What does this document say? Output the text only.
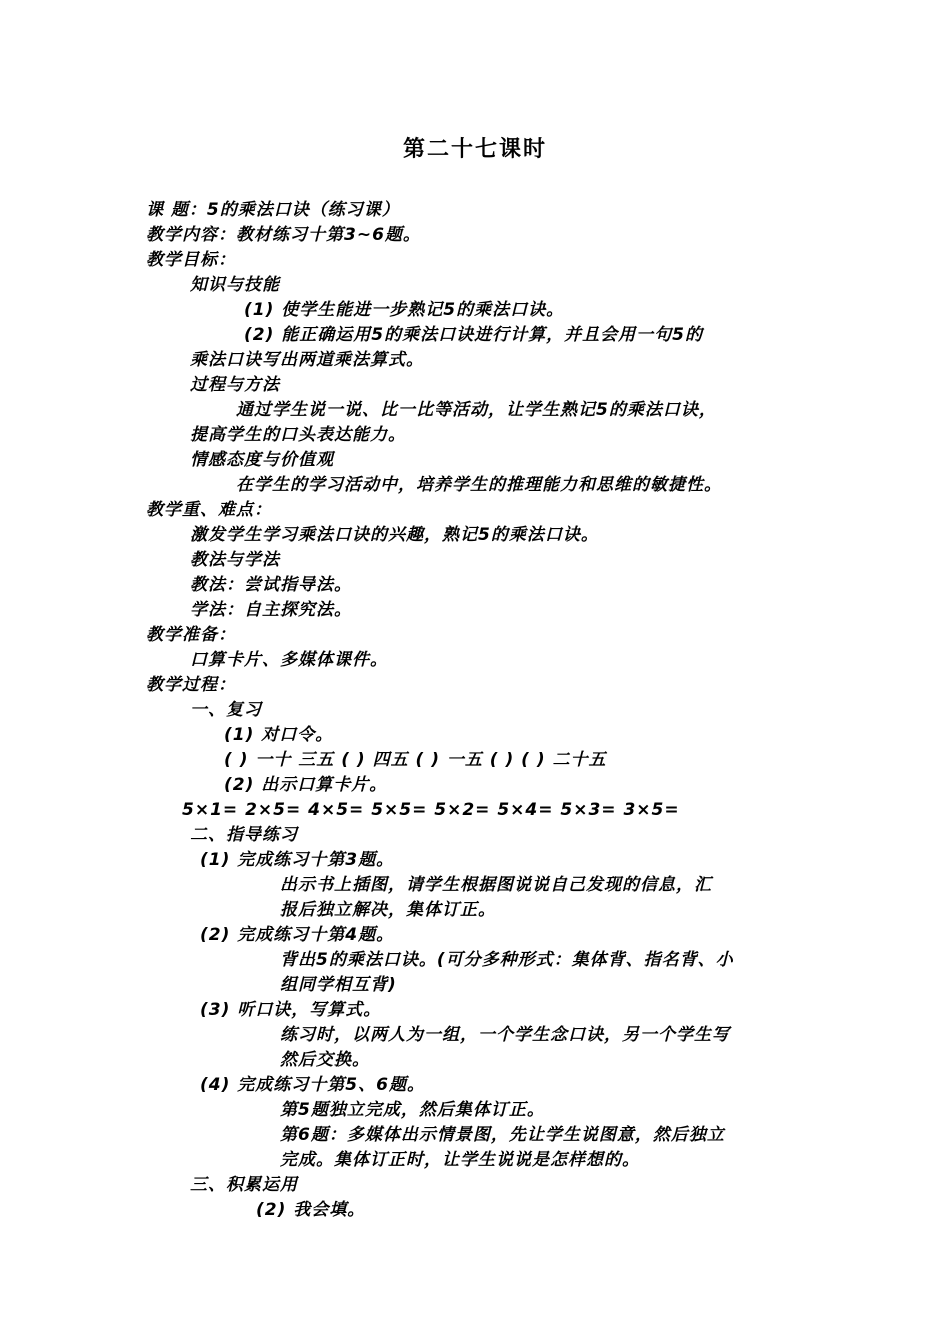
第二十七课时
课 题：5的乘法口诀（练习课）
教学内容：教材练习十第3~6题。
教学目标：
知识与技能
(1) 使学生能进一步熟记5的乘法口诀。
(2) 能正确运用5的乘法口诀进行计算，并且会用一句5的
乘法口诀写出两道乘法算式。
过程与方法
通过学生说一说、比一比等活动，让学生熟记5的乘法口诀，
提高学生的口头表达能力。
情感态度与价值观
在学生的学习活动中，培养学生的推理能力和思维的敏捷性。
教学重、难点：
激发学生学习乘法口诀的兴趣，熟记5的乘法口诀。
教法与学法
教法：尝试指导法。
学法：自主探究法。
教学准备：
口算卡片、多媒体课件。
教学过程：
一、复习
(1) 对口令。
( ) 一十 三五 ( ) 四五 ( ) 一五 ( ) ( ) 二十五
(2) 出示口算卡片。
5×1= 2×5= 4×5= 5×5= 5×2= 5×4= 5×3= 3×5=
二、指导练习
(1) 完成练习十第3题。
出示书上插图，请学生根据图说说自己发现的信息，汇
报后独立解决，集体订正。
(2) 完成练习十第4题。
背出5的乘法口诀。(可分多种形式：集体背、指名背、小
组同学相互背)
(3) 听口诀，写算式。
练习时，以两人为一组，一个学生念口诀，另一个学生写
然后交换。
(4) 完成练习十第5、6题。
第5题独立完成，然后集体订正。
第6题：多媒体出示情景图，先让学生说图意，然后独立
完成。集体订正时，让学生说说是怎样想的。
三、积累运用
(2) 我会填。
